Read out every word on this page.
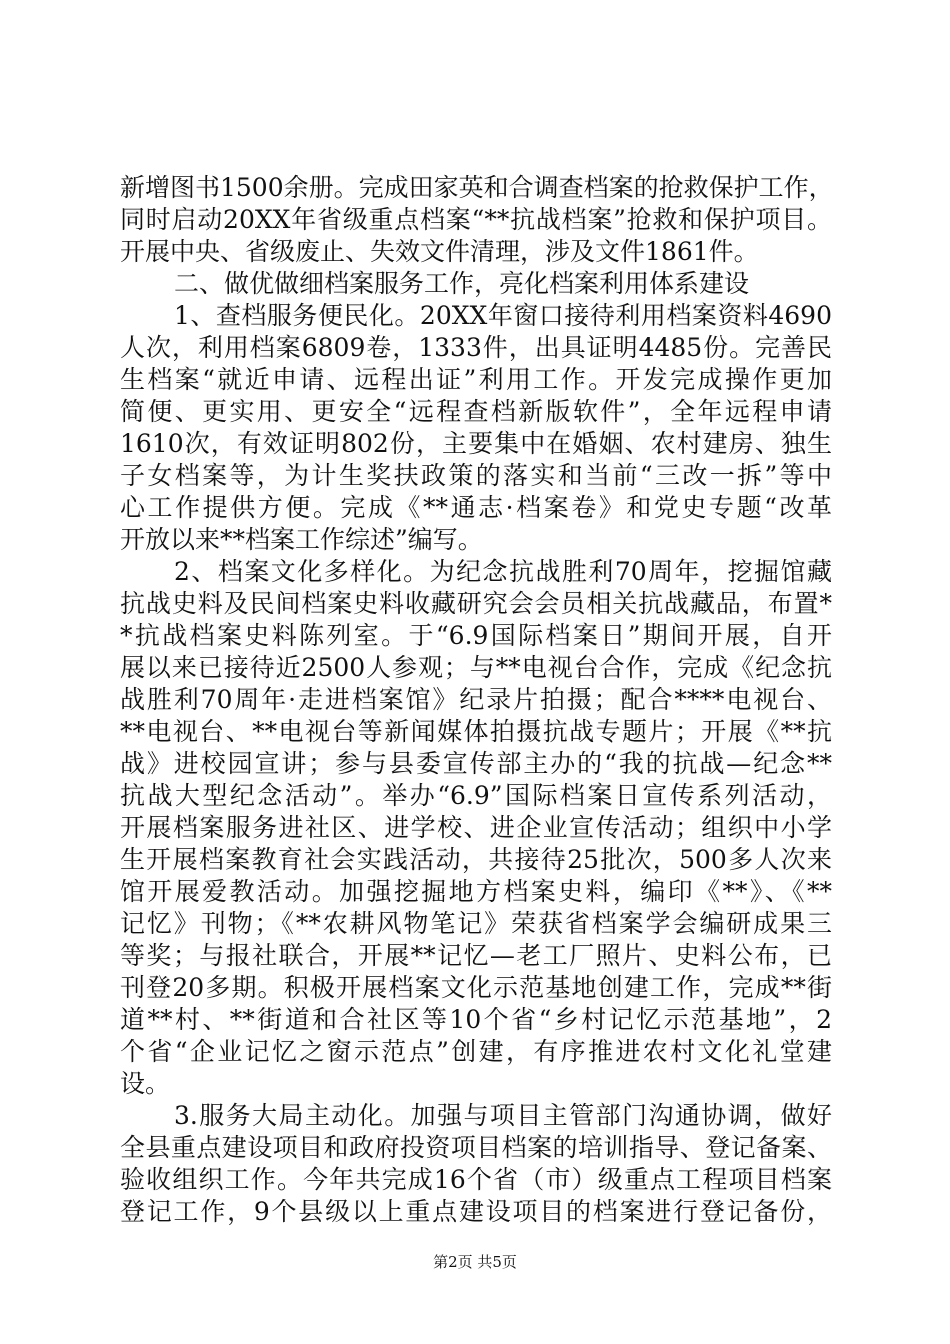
新增图书1500余册。完成田家英和合调查档案的抢救保护工作，
同时启动20XX年省级重点档案“**抗战档案”抢救和保护项目。
开展中央、省级废止、失效文件清理，涉及文件1861件。
二、做优做细档案服务工作，亮化档案利用体系建设
1、查档服务便民化。20XX年窗口接待利用档案资料4690
人次，利用档案6809卷，1333件，出具证明4485份。完善民
生档案“就近申请、远程出证”利用工作。开发完成操作更加
简便、更实用、更安全“远程查档新版软件”，全年远程申请
1610次，有效证明802份，主要集中在婚姻、农村建房、独生
子女档案等，为计生奖扶政策的落实和当前“三改一拆”等中
心工作提供方便。完成《**通志·档案卷》和党史专题“改革
开放以来**档案工作综述”编写。
2、档案文化多样化。为纪念抗战胜利70周年，挖掘馆藏
抗战史料及民间档案史料收藏研究会会员相关抗战藏品，布置*
*抗战档案史料陈列室。于“6.9国际档案日”期间开展，自开
展以来已接待近2500人参观；与**电视台合作，完成《纪念抗
战胜利70周年·走进档案馆》纪录片拍摄；配合****电视台、
**电视台、**电视台等新闻媒体拍摄抗战专题片；开展《**抗
战》进校园宣讲；参与县委宣传部主办的“我的抗战—纪念**
抗战大型纪念活动”。举办“6.9”国际档案日宣传系列活动，
开展档案服务进社区、进学校、进企业宣传活动；组织中小学
生开展档案教育社会实践活动，共接待25批次，500多人次来
馆开展爱教活动。加强挖掘地方档案史料，编印《**》、《**
记忆》刊物；《**农耕风物笔记》荣获省档案学会编研成果三
等奖；与报社联合，开展**记忆—老工厂照片、史料公布，已
刊登20多期。积极开展档案文化示范基地创建工作，完成**街
道**村、**街道和合社区等10个省“乡村记忆示范基地”，2
个省“企业记忆之窗示范点”创建，有序推进农村文化礼堂建
设。
3.服务大局主动化。加强与项目主管部门沟通协调，做好
全县重点建设项目和政府投资项目档案的培训指导、登记备案、
验收组织工作。今年共完成16个省（市）级重点工程项目档案
登记工作，9个县级以上重点建设项目的档案进行登记备份，
第2页 共5页
